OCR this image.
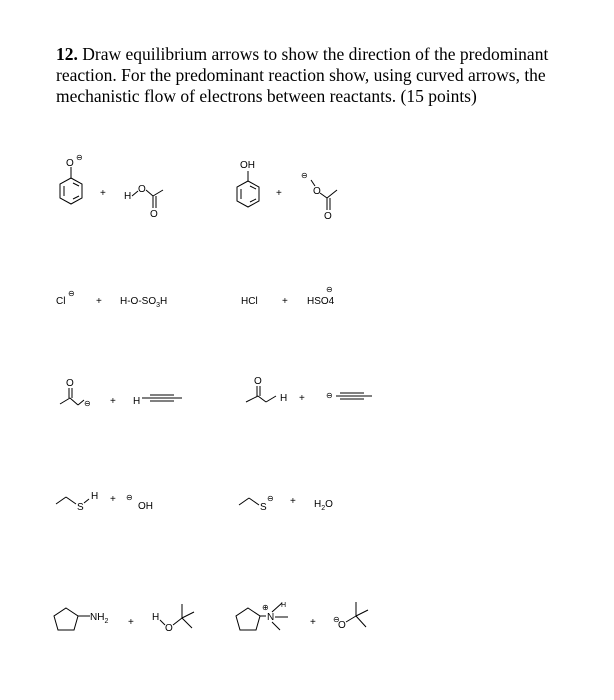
12. Draw equilibrium arrows to show the direction of the predominant reaction. For the predominant reaction show, using curved arrows, the mechanistic flow of electrons between reactants. (15 points)
O
⊖
+ H
O
O
OH
+
⊖
O
O
Cl
⊖
+ $H-O-SO_3H$	HCl +
⊖
HSO4
O
⊖ + H
O
H +	⊖
S
H + ⊖
OH	S
⊖ + $H_2O$
$NH_2 + H$
O
N
⊕ H
+ ⊖
O
